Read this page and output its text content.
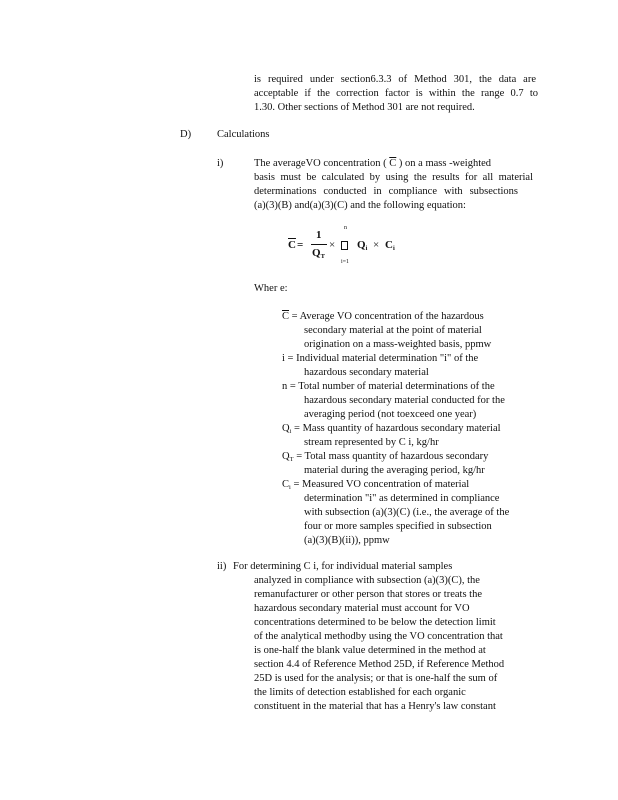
is required under section6.3.3 of Method 301, the data are
acceptable if the correction factor is within the range 0.7 to
1.30. Other sections of Method 301 are not required.
D) Calculations
i)	The averageVO concentration ( $\overline{C}$ ) on a mass -weighted
basis must be calculated by using the results for all material
determinations conducted in compliance with subsections
(a)(3)(B) and(a)(3)(C) and the following equation:
$\overline{C}$ =
1
$Q_T$
×
n
i=1
$Q_i \times C_i$
Wher e:
$\overline{C}$ = Average VO concentration of the hazardous
secondary material at the point of material
origination on a mass-weighted basis, ppmw
i = Individual material determination "i" of the
hazardous secondary material
n = Total number of material determinations of the
hazardous secondary material conducted for the
averaging period (not toexceed one year)
$Q_i$ = Mass quantity of hazardous secondary material
stream represented by C i, kg/hr
$Q_T$ = Total mass quantity of hazardous secondary
material during the averaging period, kg/hr
$C_i$ = Measured VO concentration of material
determination "i" as determined in compliance
with subsection (a)(3)(C) (i.e., the average of the
four or more samples specified in subsection
(a)(3)(B)(ii)), ppmw
ii) For determining C i, for individual material samples
analyzed in compliance with subsection (a)(3)(C), the
remanufacturer or other person that stores or treats the
hazardous secondary material must account for VO
concentrations determined to be below the detection limit
of the analytical methodby using the VO concentration that
is one-half the blank value determined in the method at
section 4.4 of Reference Method 25D, if Reference Method
25D is used for the analysis; or that is one-half the sum of
the limits of detection established for each organic
constituent in the material that has a Henry's law constant
